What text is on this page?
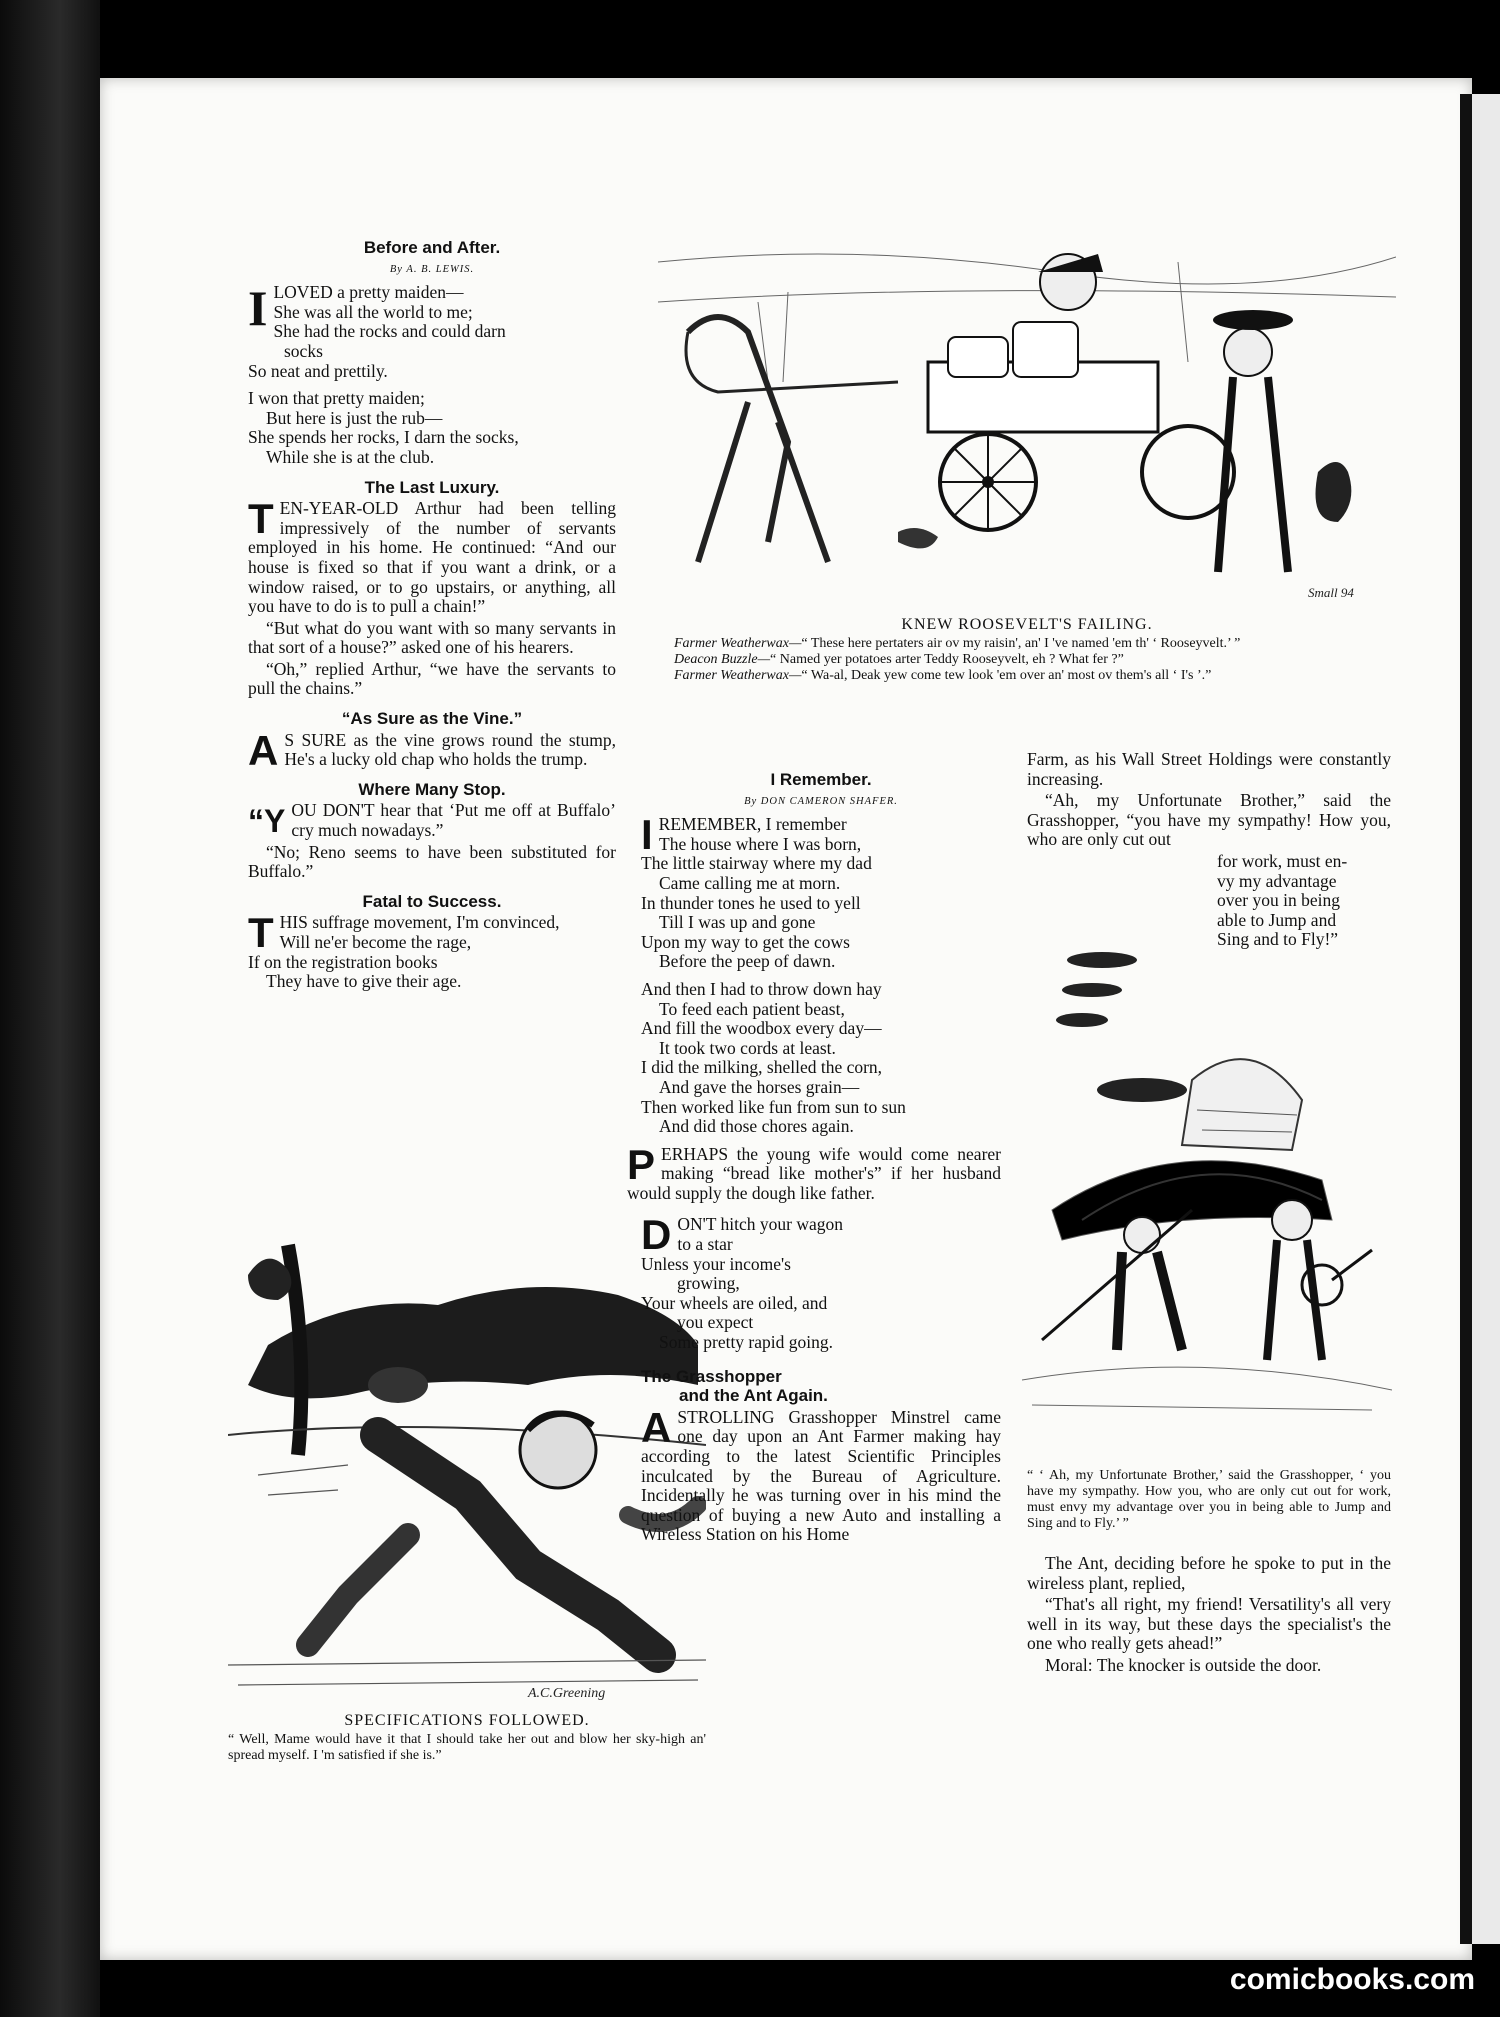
Before and After.
By A. B. LEWIS.
I LOVED a pretty maiden—

She was all the world to me;

She had the rocks and could darn

socks

So neat and prettily.

I won that pretty maiden;

But here is just the rub—

She spends her rocks, I darn the socks,

While she is at the club.

The Last Luxury.

TEN-YEAR-OLD Arthur had been telling impressively of the number of servants employed in his home. He continued: “And our house is fixed so that if you want a drink, or a window raised, or to go upstairs, or anything, all you have to do is to pull a chain!”

“But what do you want with so many servants in that sort of a house?” asked one of his hearers.

“Oh,” replied Arthur, “we have the servants to pull the chains.”

“As Sure as the Vine.”

A S SURE as the vine grows round the stump, He's a lucky old chap who holds the trump.

Where Many Stop.

“YOU DON'T hear that ‘Put me off at Buffalo’ cry much nowadays.”

“No; Reno seems to have been substituted for Buffalo.”

Fatal to Success.
T HIS suffrage movement, I'm convinced,

Will ne'er become the rage,

If on the registration books

They have to give their age.

A.C.Greening
SPECIFICATIONS FOLLOWED.

“ Well, Mame would have it that I should take her out and blow her sky-high an' spread myself. I 'm satisfied if she is.”

Small 94
KNEW ROOSEVELT'S FAILING.

Farmer Weatherwax—“ These here pertaters air ov my raisin', an' I 've named 'em th' ‘ Rooseyvelt.’ ”

Deacon Buzzle—“ Named yer potatoes arter Teddy Rooseyvelt, eh ? What fer ?”

Farmer Weatherwax—“ Wa-al, Deak yew come tew look 'em over an' most ov them's all ‘ I's ’.”

I Remember.
By DON CAMERON SHAFER.
I REMEMBER, I remember

The house where I was born,

The little stairway where my dad

Came calling me at morn.

In thunder tones he used to yell

Till I was up and gone

Upon my way to get the cows

Before the peep of dawn.

And then I had to throw down hay

To feed each patient beast,

And fill the woodbox every day—

It took two cords at least.

I did the milking, shelled the corn,

And gave the horses grain—

Then worked like fun from sun to sun

And did those chores again.

PERHAPS the young wife would come nearer making “bread like mother's” if her husband would supply the dough like father.

D ON'T hitch your wagon

to a star

Unless your income's

growing,

Your wheels are oiled, and

you expect

Some pretty rapid going.

The Grasshopper
and the Ant Again.

ASTROLLING Grasshopper Minstrel came one day upon an Ant Farmer making hay according to the latest Scientific Principles inculcated by the Bureau of Agriculture. Incidentally he was turning over in his mind the question of buying a new Auto and installing a Wireless Station on his Home

Farm, as his Wall Street Holdings were constantly increasing.

“Ah, my Unfortunate Brother,” said the Grasshopper, “you have my sympathy! How you, who are only cut out

for work, must en-

vy my advantage

over you in being

able to Jump and

Sing and to Fly!”

“ ‘ Ah, my Unfortunate Brother,’ said the Grasshopper, ‘ you have my sympathy. How you, who are only cut out for work, must envy my advantage over you in being able to Jump and Sing and to Fly.’ ”

The Ant, deciding before he spoke to put in the wireless plant, replied,

“That's all right, my friend! Versatility's all very well in its way, but these days the specialist's the one who really gets ahead!”

Moral: The knocker is outside the door.

comicbooks.com
